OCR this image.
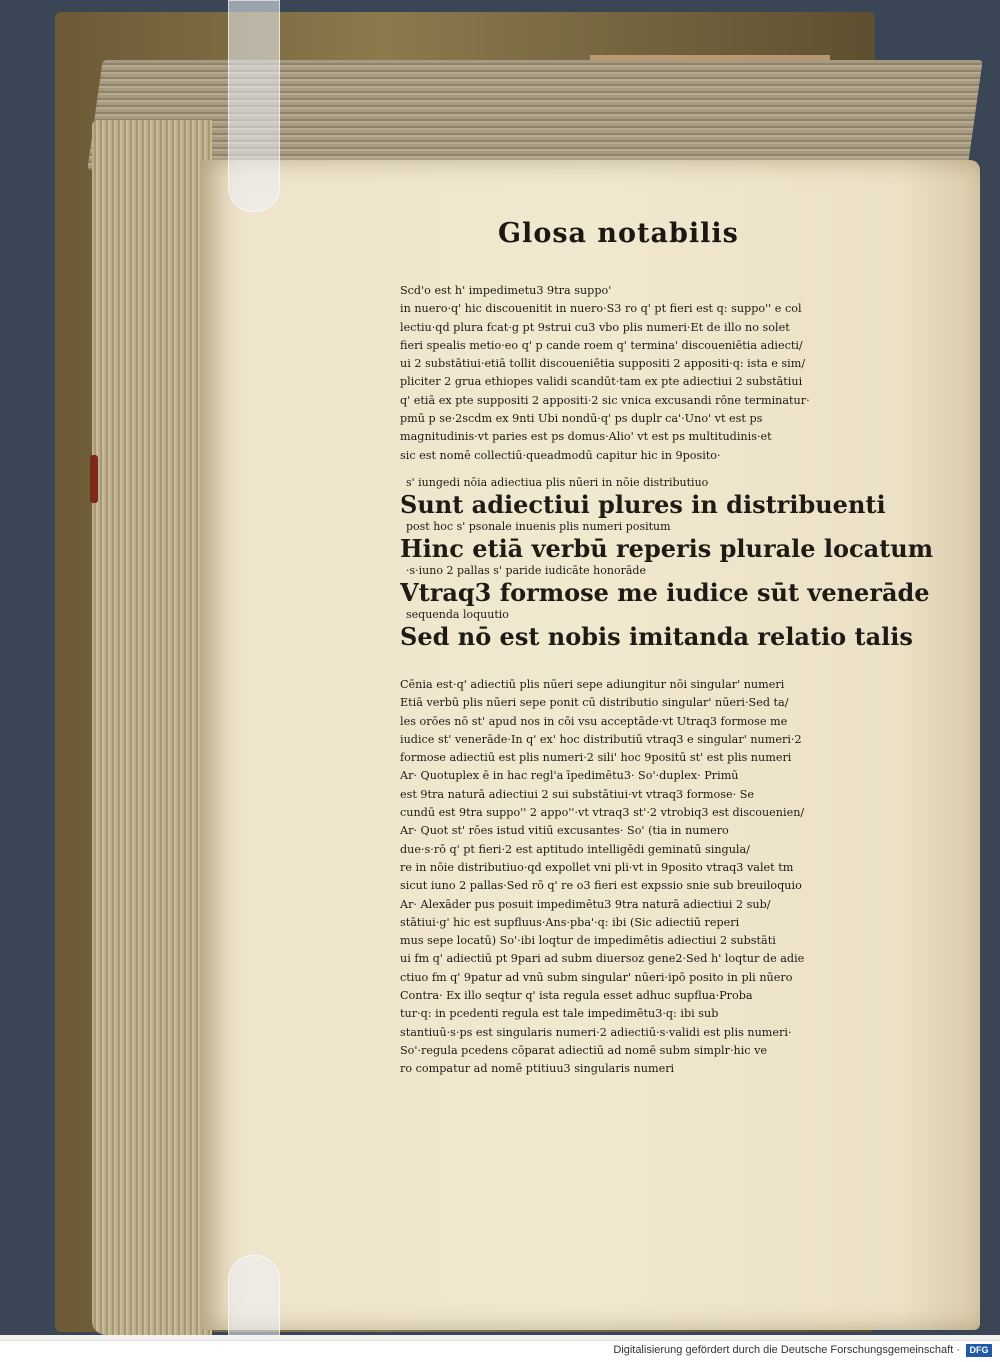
Glosa notabilis
Scd'o est h' impedimetu3 9tra suppo'
in nuero·q' hic discouenitit in nuero·S3 ro q' pt fieri est q: suppo'' e col
lectiu·qd plura fcat·g pt 9strui cu3 vbo plis numeri·Et de illo no solet
fieri spealis metio·eo q' p cande roem q' termina' discoueniētia adiecti/
ui 2 substātiui·etiā tollit discoueniētia suppositi 2 appositi·q: ista e sim/
pliciter 2 grua ethiopes validi scandūt·tam ex pte adiectiui 2 substātiui
q' etiā ex pte suppositi 2 appositi·2 sic vnica excusandi rōne terminatur·
pmū p se·2scdm ex 9nti Ubi nondū·q' ps duplr ca'·Uno' vt est ps
magnitudinis·vt paries est ps domus·Alio' vt est ps multitudinis·et
sic est nomē collectiū·queadmodū capitur hic in 9posito·
s' iungedi nōia adiectiua plis nūeri in nōie distributiuo
Sunt adiectiui plures in distribuenti
post hoc s' psonale inuenis plis numeri positum
Hinc etiā verbū reperis plurale locatum
·s·iuno 2 pallas s' paride iudicāte honorāde
Vtraq3 formose me iudice sūt venerāde
sequenda loquutio
Sed nō est nobis imitanda relatio talis
Cēnia est·q' adiectiū plis nūeri sepe adiungitur nōi singular' numeri
Etiā verbū plis nūeri sepe ponit cū distributio singular' nūeri·Sed ta/
les orōes nō st' apud nos in cōi vsu acceptāde·vt Utraq3 formose me
iudice st' venerāde·In q' ex' hoc distributiū vtraq3 e singular' numeri·2
formose adiectiū est plis numeri·2 sili' hoc 9positū st' est plis numeri
Ar· Quotuplex ē in hac regl'a īpedimētu3· So'·duplex· Primū
est 9tra naturā adiectiui 2 sui substātiui·vt vtraq3 formose· Se
cundū est 9tra suppo'' 2 appo''·vt vtraq3 st'·2 vtrobiq3 est discouenien/
Ar· Quot st' rōes istud vitiū excusantes· So' (tia in numero
due·s·rō q' pt fieri·2 est aptitudo intelligēdi geminatū singula/
re in nōie distributiuo·qd expollet vni pli·vt in 9posito vtraq3 valet tm
sicut iuno 2 pallas·Sed rō q' re o3 fieri est expssio snie sub breuiloquio
Ar· Alexāder pus posuit impedimētu3 9tra naturā adiectiui 2 sub/
stātiui·g' hic est supfluus·Ans·pba'·q: ibi (Sic adiectiū reperi
mus sepe locatū) So'·ibi loqtur de impedimētis adiectiui 2 substāti
ui fm q' adiectiū pt 9pari ad subm diuersoz gene2·Sed h' loqtur de adie
ctiuo fm q' 9patur ad vnū subm singular' nūeri·ipō posito in pli nūero
Contra· Ex illo seqtur q' ista regula esset adhuc supflua·Proba
tur·q: in pcedenti regula est tale impedimētu3·q: ibi sub
stantiuū·s·ps est singularis numeri·2 adiectiū·s·validi est plis numeri·
So'·regula pcedens cōparat adiectiū ad nomē subm simplr·hic ve
ro compatur ad nomē ptitiuu3 singularis numeri
Digitalisierung gefördert durch die Deutsche Forschungsgemeinschaft ·	DFG
